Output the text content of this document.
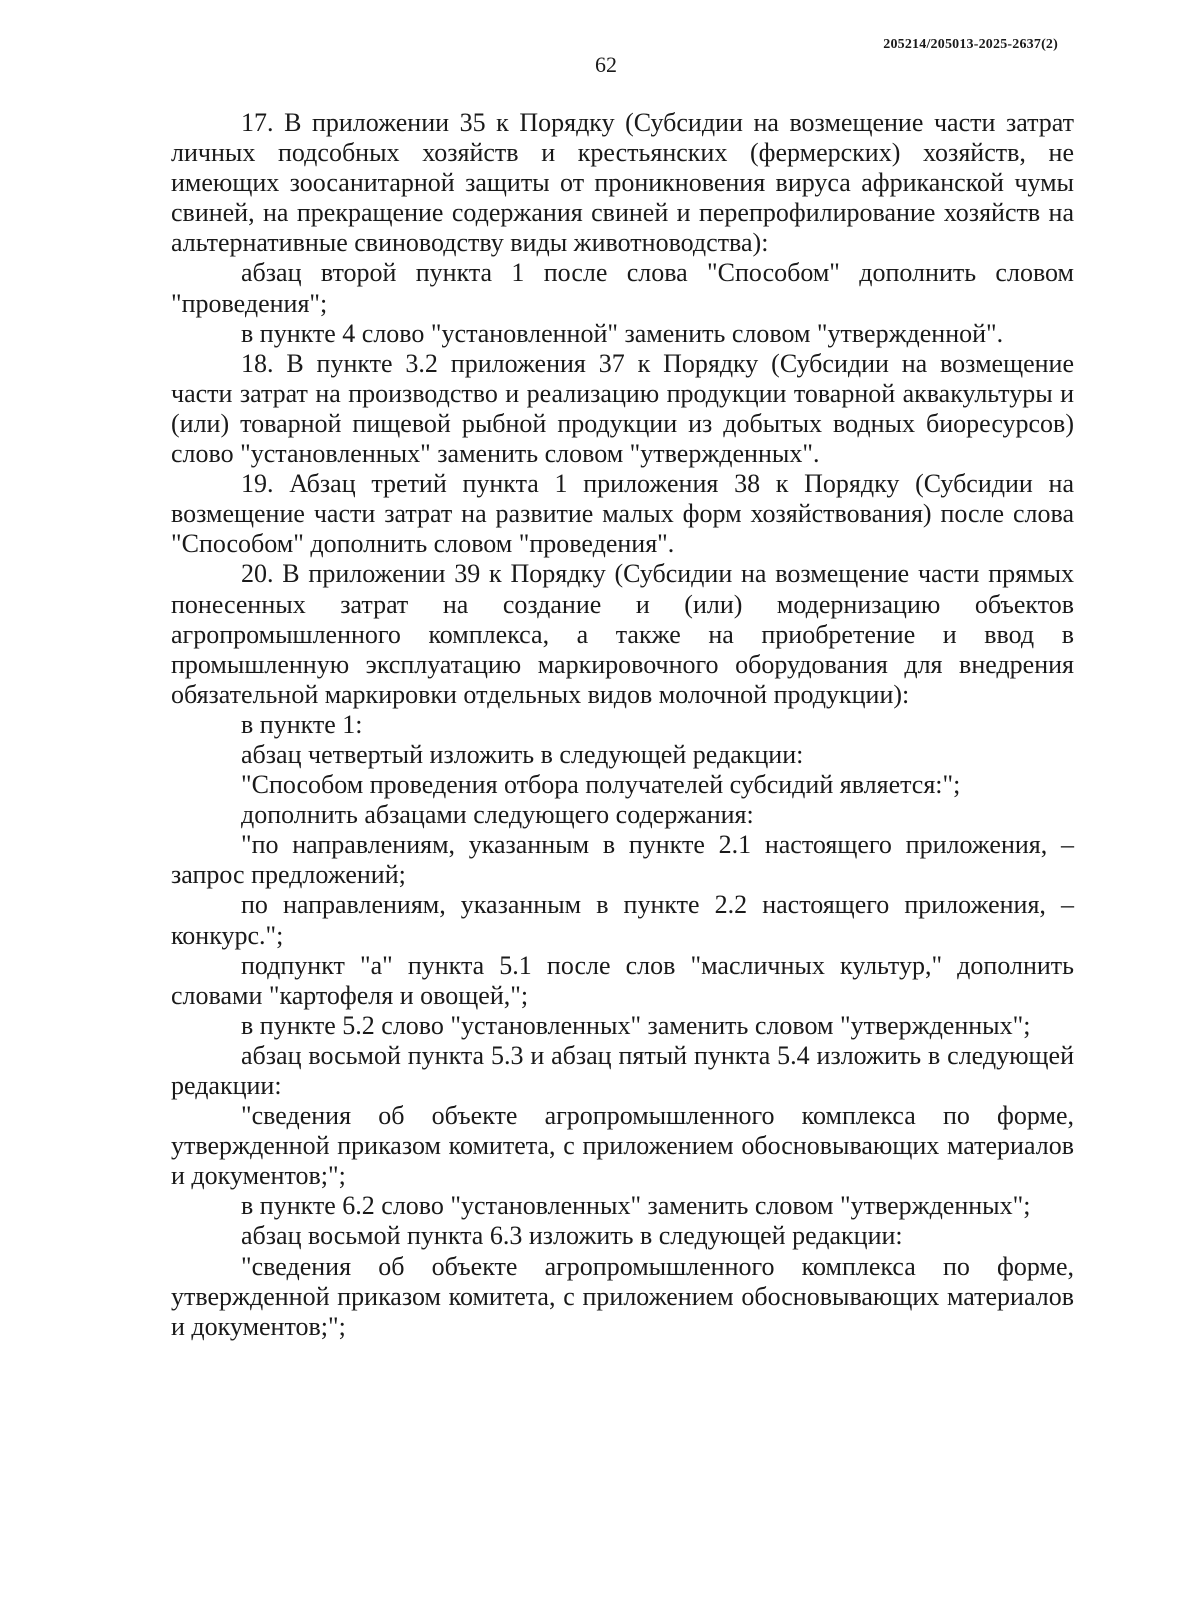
205214/205013-2025-2637(2)
62

17. В приложении 35 к Порядку (Субсидии на возмещение части затрат личных подсобных хозяйств и крестьянских (фермерских) хозяйств, не имеющих зоосанитарной защиты от проникновения вируса африканской чумы свиней, на прекращение содержания свиней и перепрофилирование хозяйств на альтернативные свиноводству виды животноводства):

абзац второй пункта 1 после слова "Способом" дополнить словом "проведения";

в пункте 4 слово "установленной" заменить словом "утвержденной".

18. В пункте 3.2 приложения 37 к Порядку (Субсидии на возмещение части затрат на производство и реализацию продукции товарной аквакультуры и (или) товарной пищевой рыбной продукции из добытых водных биоресурсов) слово "установленных" заменить словом "утвержденных".

19. Абзац третий пункта 1 приложения 38 к Порядку (Субсидии на возмещение части затрат на развитие малых форм хозяйствования) после слова "Способом" дополнить словом "проведения".

20. В приложении 39 к Порядку (Субсидии на возмещение части прямых понесенных затрат на создание и (или) модернизацию объектов агропромышленного комплекса, а также на приобретение и ввод в промышленную эксплуатацию маркировочного оборудования для внедрения обязательной маркировки отдельных видов молочной продукции):

в пункте 1:

абзац четвертый изложить в следующей редакции:

"Способом проведения отбора получателей субсидий является:";

дополнить абзацами следующего содержания:

"по направлениям, указанным в пункте 2.1 настоящего приложения, – запрос предложений;

по направлениям, указанным в пункте 2.2 настоящего приложения, – конкурс.";

подпункт "а" пункта 5.1 после слов "масличных культур," дополнить словами "картофеля и овощей,";

в пункте 5.2 слово "установленных" заменить словом "утвержденных";

абзац восьмой пункта 5.3 и абзац пятый пункта 5.4 изложить в следующей редакции:

"сведения об объекте агропромышленного комплекса по форме, утвержденной приказом комитета, с приложением обосновывающих материалов и документов;";

в пункте 6.2 слово "установленных" заменить словом "утвержденных";

абзац восьмой пункта 6.3 изложить в следующей редакции:

"сведения об объекте агропромышленного комплекса по форме, утвержденной приказом комитета, с приложением обосновывающих материалов и документов;";
